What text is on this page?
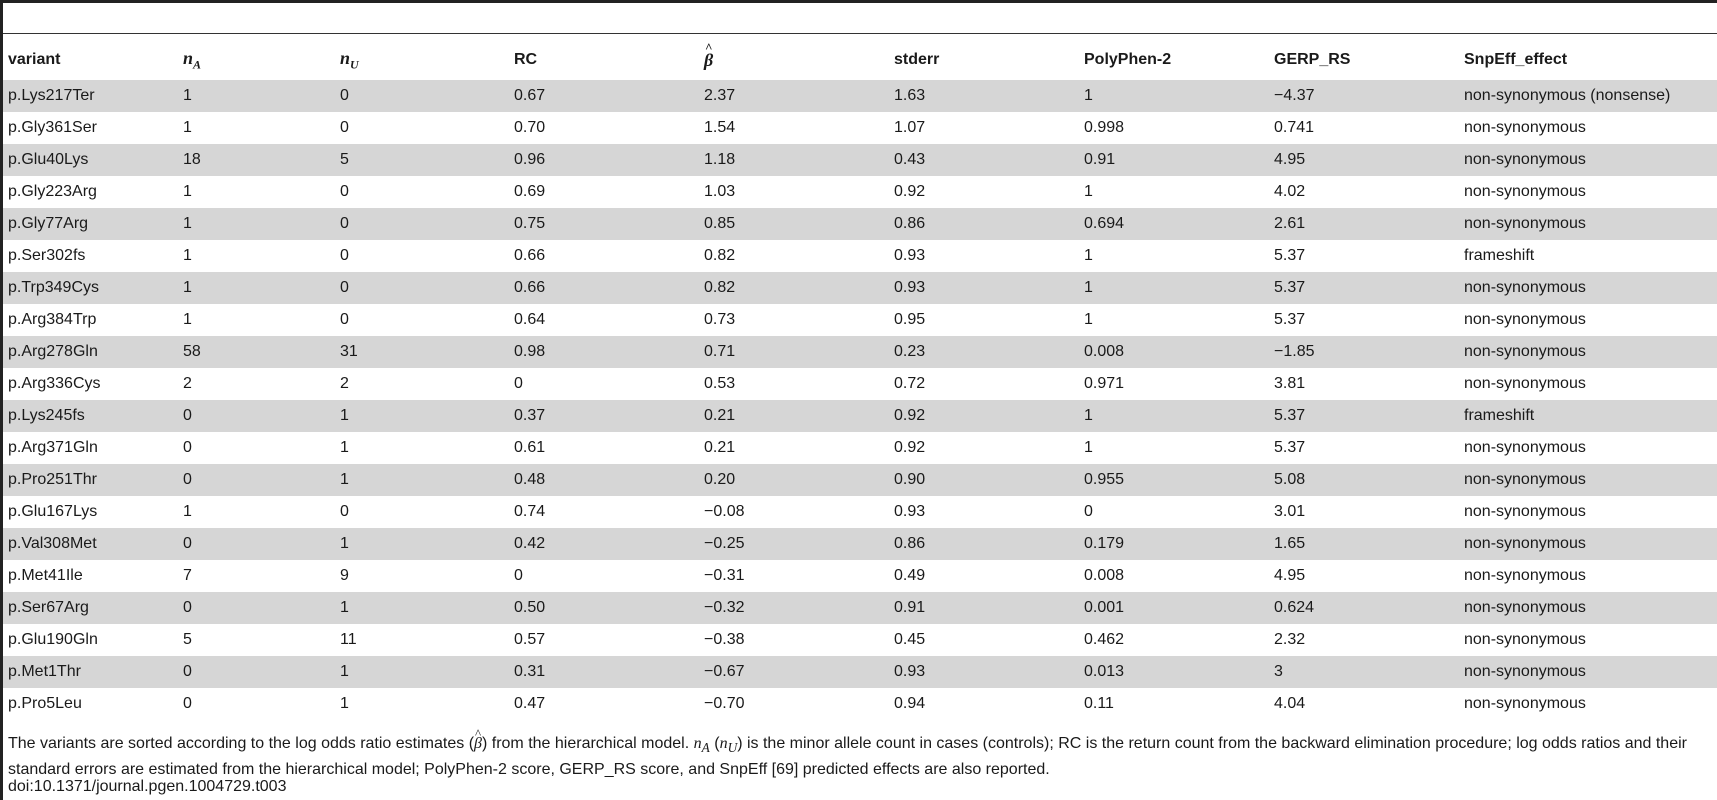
variant	$n_A$	$n_U$	RC	^ β	stderr	PolyPhen-2	GERP_RS	SnpEff_effect

p.Lys217Ter	1	0	0.67	2.37	1.63	1	−4.37	non-synonymous (nonsense)
p.Gly361Ser	1	0	0.70	1.54	1.07	0.998	0.741	non-synonymous
p.Glu40Lys	18	5	0.96	1.18	0.43	0.91	4.95	non-synonymous
p.Gly223Arg	1	0	0.69	1.03	0.92	1	4.02	non-synonymous
p.Gly77Arg	1	0	0.75	0.85	0.86	0.694	2.61	non-synonymous
p.Ser302fs	1	0	0.66	0.82	0.93	1	5.37	frameshift
p.Trp349Cys	1	0	0.66	0.82	0.93	1	5.37	non-synonymous
p.Arg384Trp	1	0	0.64	0.73	0.95	1	5.37	non-synonymous
p.Arg278Gln	58	31	0.98	0.71	0.23	0.008	−1.85	non-synonymous
p.Arg336Cys	2	2	0	0.53	0.72	0.971	3.81	non-synonymous
p.Lys245fs	0	1	0.37	0.21	0.92	1	5.37	frameshift
p.Arg371Gln	0	1	0.61	0.21	0.92	1	5.37	non-synonymous
p.Pro251Thr	0	1	0.48	0.20	0.90	0.955	5.08	non-synonymous
p.Glu167Lys	1	0	0.74	−0.08	0.93	0	3.01	non-synonymous
p.Val308Met	0	1	0.42	−0.25	0.86	0.179	1.65	non-synonymous
p.Met41Ile	7	9	0	−0.31	0.49	0.008	4.95	non-synonymous
p.Ser67Arg	0	1	0.50	−0.32	0.91	0.001	0.624	non-synonymous
p.Glu190Gln	5	11	0.57	−0.38	0.45	0.462	2.32	non-synonymous
p.Met1Thr	0	1	0.31	−0.67	0.93	0.013	3	non-synonymous
p.Pro5Leu	0	1	0.47	−0.70	0.94	0.11	4.04	non-synonymous
The variants are sorted according to the log odds ratio estimates (^ β) from the hierarchical model. $n_A$ $(n_U)$ is the minor allele count in cases (controls); RC is the return count from the backward elimination procedure; log odds ratios and their standard errors are estimated from the hierarchical model; PolyPhen-2 score, GERP_RS score, and SnpEff [69] predicted effects are also reported.
doi:10.1371/journal.pgen.1004729.t003
